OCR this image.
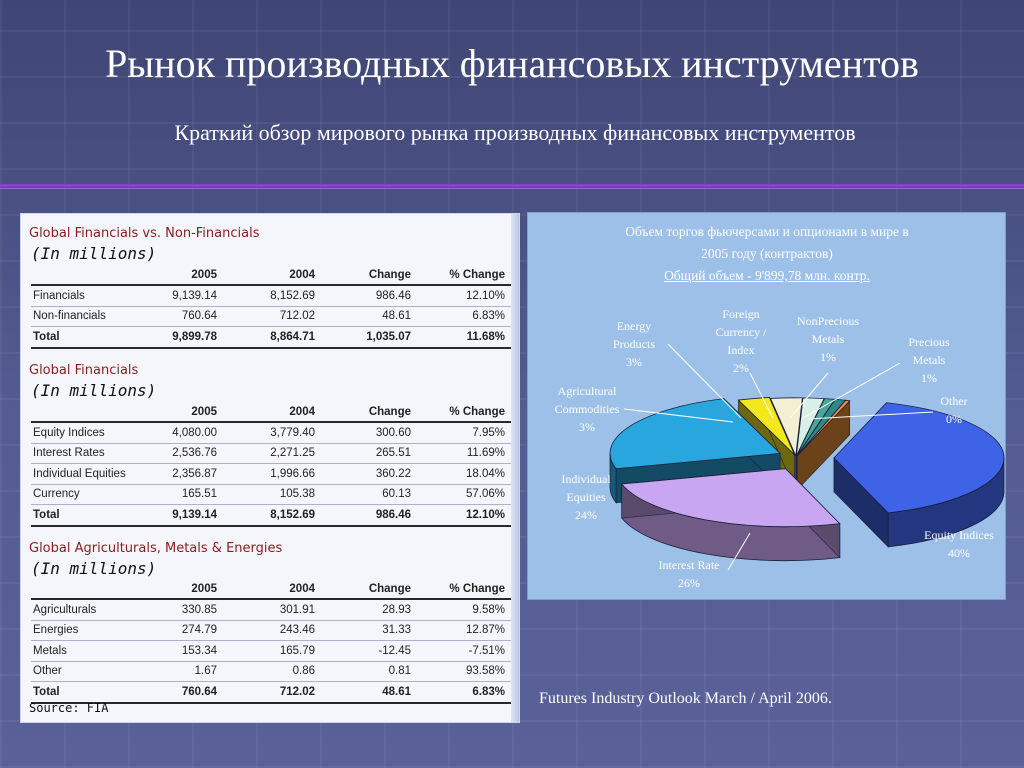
Рынок производных финансовых инструментов
Краткий обзор мирового рынка производных финансовых инструментов
Global Financials vs. Non-Financials
(In millions)
	2005	2004	Change	% Change
Financials	9,139.14	8,152.69	986.46	12.10%
Non-financials	760.64	712.02	48.61	6.83%
Total	9,899.78	8,864.71	1,035.07	11.68%
Global Financials
(In millions)
	2005	2004	Change	% Change
Equity Indices	4,080.00	3,779.40	300.60	7.95%
Interest Rates	2,536.76	2,271.25	265.51	11.69%
Individual Equities	2,356.87	1,996.66	360.22	18.04%
Currency	165.51	105.38	60.13	57.06%
Total	9,139.14	8,152.69	986.46	12.10%
Global Agriculturals, Metals & Energies
(In millions)
	2005	2004	Change	% Change
Agriculturals	330.85	301.91	28.93	9.58%
Energies	274.79	243.46	31.33	12.87%
Metals	153.34	165.79	-12.45	-7.51%
Other	1.67	0.86	0.81	93.58%
Total	760.64	712.02	48.61	6.83%
Source: FIA
Объем торгов фьючерсами и опционами в мире в
2005 году (контрактов)
Общий объем - 9'899,78 млн. контр.
Equity Indices
40%
Interest Rate
26%
Individual Equities
24%
Agricultural Commodities
3%
Energy Products
3%
Foreign Currency / Index
2%
NonPrecious Metals
1%
Precious Metals
1%
Other
0%
Futures Industry Outlook March / April 2006.
